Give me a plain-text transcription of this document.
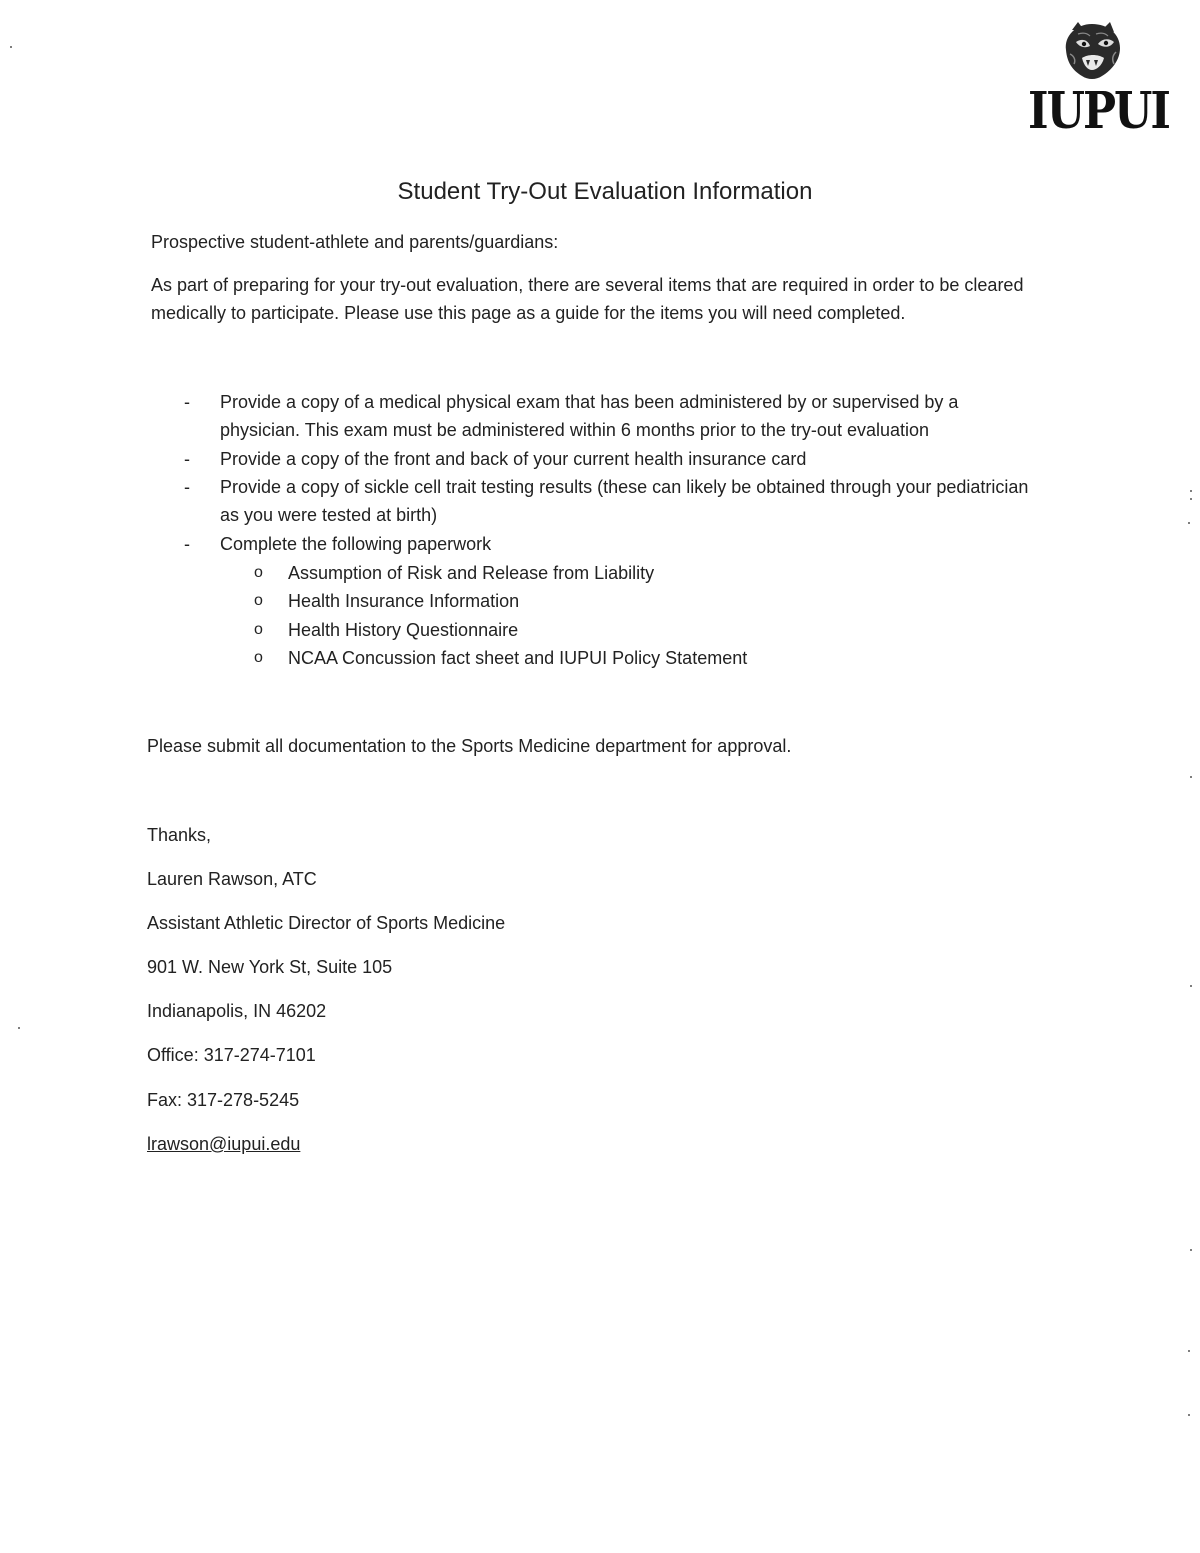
IUPUI
Student Try-Out Evaluation Information
Prospective student-athlete and parents/guardians:
As part of preparing for your try-out evaluation, there are several items that are required in order to be cleared medically to participate. Please use this page as a guide for the items you will need completed.
- Provide a copy of a medical physical exam that has been administered by or supervised by a physician. This exam must be administered within 6 months prior to the try-out evaluation
- Provide a copy of the front and back of your current health insurance card
- Provide a copy of sickle cell trait testing results (these can likely be obtained through your pediatrician as you were tested at birth)
- Complete the following paperwork
o Assumption of Risk and Release from Liability
o Health Insurance Information
o Health History Questionnaire
o NCAA Concussion fact sheet and IUPUI Policy Statement
Please submit all documentation to the Sports Medicine department for approval.
Thanks,
Lauren Rawson, ATC
Assistant Athletic Director of Sports Medicine
901 W. New York St, Suite 105
Indianapolis, IN 46202
Office: 317-274-7101
Fax: 317-278-5245
lrawson@iupui.edu
